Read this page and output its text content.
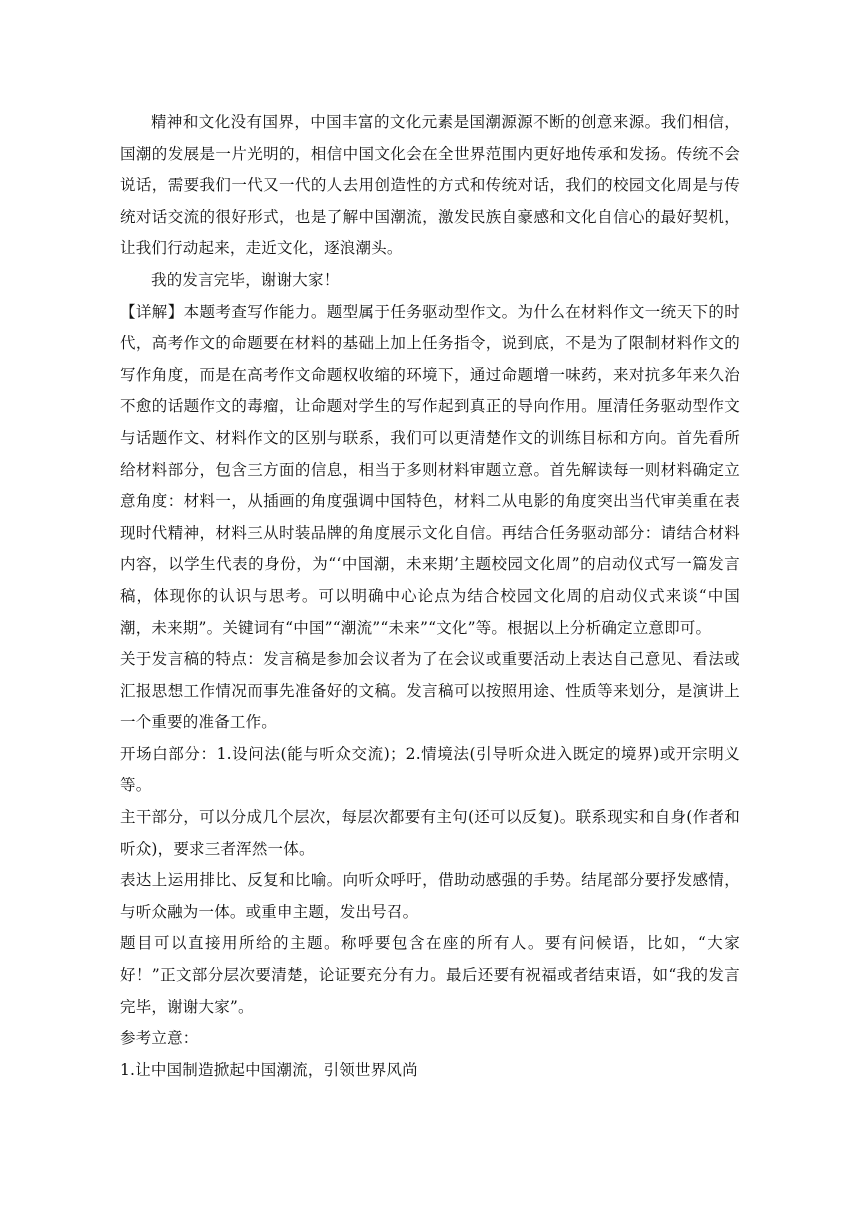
精神和文化没有国界，中国丰富的文化元素是国潮源源不断的创意来源。我们相信，国潮的发展是一片光明的，相信中国文化会在全世界范围内更好地传承和发扬。传统不会说话，需要我们一代又一代的人去用创造性的方式和传统对话，我们的校园文化周是与传统对话交流的很好形式，也是了解中国潮流，激发民族自豪感和文化自信心的最好契机，让我们行动起来，走近文化，逐浪潮头。

我的发言完毕，谢谢大家！

【详解】本题考查写作能力。题型属于任务驱动型作文。为什么在材料作文一统天下的时代，高考作文的命题要在材料的基础上加上任务指令，说到底，不是为了限制材料作文的写作角度，而是在高考作文命题权收缩的环境下，通过命题增一味药，来对抗多年来久治不愈的话题作文的毒瘤，让命题对学生的写作起到真正的导向作用。厘清任务驱动型作文与话题作文、材料作文的区别与联系，我们可以更清楚作文的训练目标和方向。首先看所给材料部分，包含三方面的信息，相当于多则材料审题立意。首先解读每一则材料确定立意角度：材料一，从插画的角度强调中国特色，材料二从电影的角度突出当代审美重在表现时代精神，材料三从时装品牌的角度展示文化自信。再结合任务驱动部分：请结合材料内容，以学生代表的身份，为“‘中国潮，未来期’主题校园文化周”的启动仪式写一篇发言稿，体现你的认识与思考。可以明确中心论点为结合校园文化周的启动仪式来谈“中国潮，未来期”。关键词有“中国”“潮流”“未来”“文化”等。根据以上分析确定立意即可。

关于发言稿的特点：发言稿是参加会议者为了在会议或重要活动上表达自己意见、看法或汇报思想工作情况而事先准备好的文稿。发言稿可以按照用途、性质等来划分，是演讲上一个重要的准备工作。

开场白部分：1.设问法(能与听众交流)；2.情境法(引导听众进入既定的境界)或开宗明义等。

主干部分，可以分成几个层次，每层次都要有主句(还可以反复)。联系现实和自身(作者和听众)，要求三者浑然一体。

表达上运用排比、反复和比喻。向听众呼吁，借助动感强的手势。结尾部分要抒发感情，与听众融为一体。或重申主题，发出号召。

题目可以直接用所给的主题。称呼要包含在座的所有人。要有问候语，比如，“大家好！”正文部分层次要清楚，论证要充分有力。最后还要有祝福或者结束语，如“我的发言完毕，谢谢大家”。

参考立意：

1.让中国制造掀起中国潮流，引领世界风尚
